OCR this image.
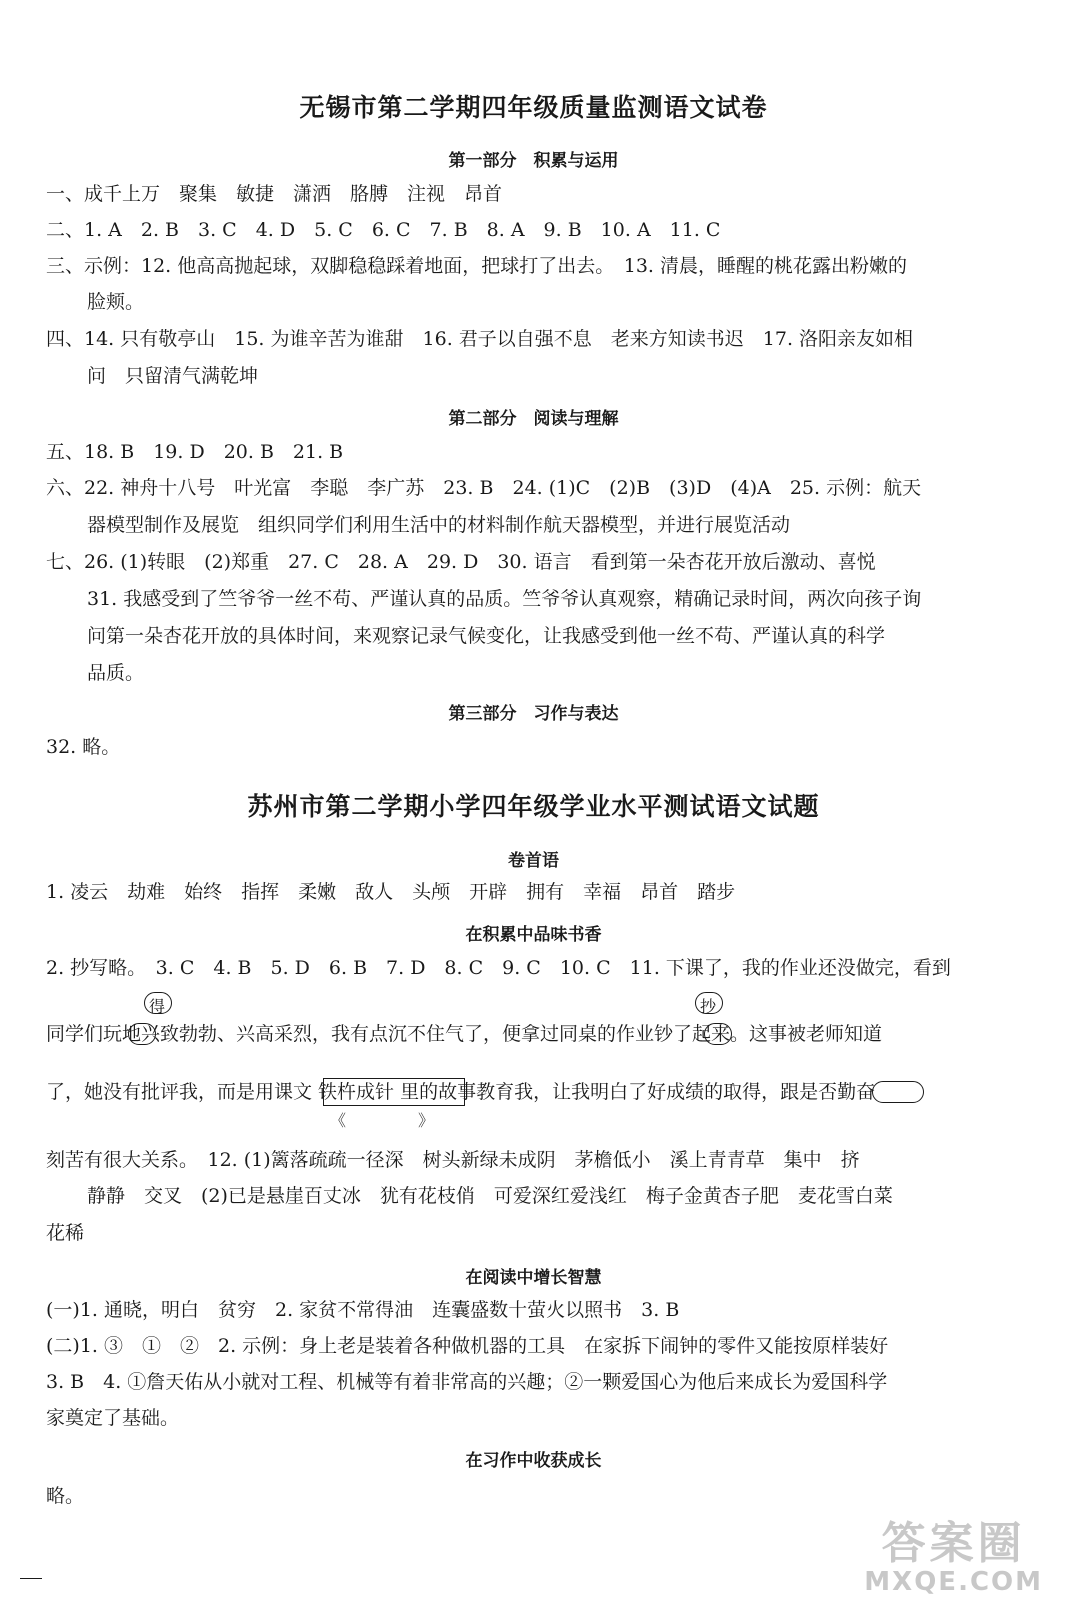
无锡市第二学期四年级质量监测语文试卷
第一部分　积累与运用
一、成千上万　聚集　敏捷　潇洒　胳膊　注视　昂首
二、1. A　2. B　3. C　4. D　5. C　6. C　7. B　8. A　9. B　10. A　11. C
三、示例：12. 他高高抛起球，双脚稳稳踩着地面，把球打了出去。　13. 清晨，睡醒的桃花露出粉嫩的
脸颊。
四、14. 只有敬亭山　15. 为谁辛苦为谁甜　16. 君子以自强不息　老来方知读书迟　17. 洛阳亲友如相
问　只留清气满乾坤
第二部分　阅读与理解
五、18. B　19. D　20. B　21. B
六、22. 神舟十八号　叶光富　李聪　李广苏　23. B　24. (1)C　(2)B　(3)D　(4)A　25. 示例：航天
器模型制作及展览　组织同学们利用生活中的材料制作航天器模型，并进行展览活动
七、26. (1)转眼　(2)郑重　27. C　28. A　29. D　30. 语言　看到第一朵杏花开放后激动、喜悦
31. 我感受到了竺爷爷一丝不苟、严谨认真的品质。竺爷爷认真观察，精确记录时间，两次向孩子询
问第一朵杏花开放的具体时间，来观察记录气候变化，让我感受到他一丝不苟、严谨认真的科学
品质。
第三部分　习作与表达
32. 略。
苏州市第二学期小学四年级学业水平测试语文试题
卷首语
1. 凌云　劫难　始终　指挥　柔嫩　敌人　头颅　开辟　拥有　幸福　昂首　踏步
在积累中品味书香
2. 抄写略。　3. C　4. B　5. D　6. B　7. D　8. C　9. C　10. C　11. 下课了，我的作业还没做完，看到
得	抄
同学们玩地兴致勃勃、兴高采烈，我有点沉不住气了，便拿过同桌的作业钞了起来。这事被老师知道
了，她没有批评我，而是用课文 铁杵成针 里的故事教育我，让我明白了好成绩的取得，跟是否勤奋
《	》
刻苦有很大关系。　12. (1)篱落疏疏一径深　树头新绿未成阴　茅檐低小　溪上青青草　集中　挤
静静　交叉　(2)已是悬崖百丈冰　犹有花枝俏　可爱深红爱浅红　梅子金黄杏子肥　麦花雪白菜
花稀
在阅读中增长智慧
(一)1. 通晓，明白　贫穷　2. 家贫不常得油　连囊盛数十萤火以照书　3. B
(二)1. ③　①　②　2. 示例：身上老是装着各种做机器的工具　在家拆下闹钟的零件又能按原样装好
3. B　4. ①詹天佑从小就对工程、机械等有着非常高的兴趣；②一颗爱国心为他后来成长为爱国科学
家奠定了基础。
在习作中收获成长
略。
答案圈
MXQE.COM
